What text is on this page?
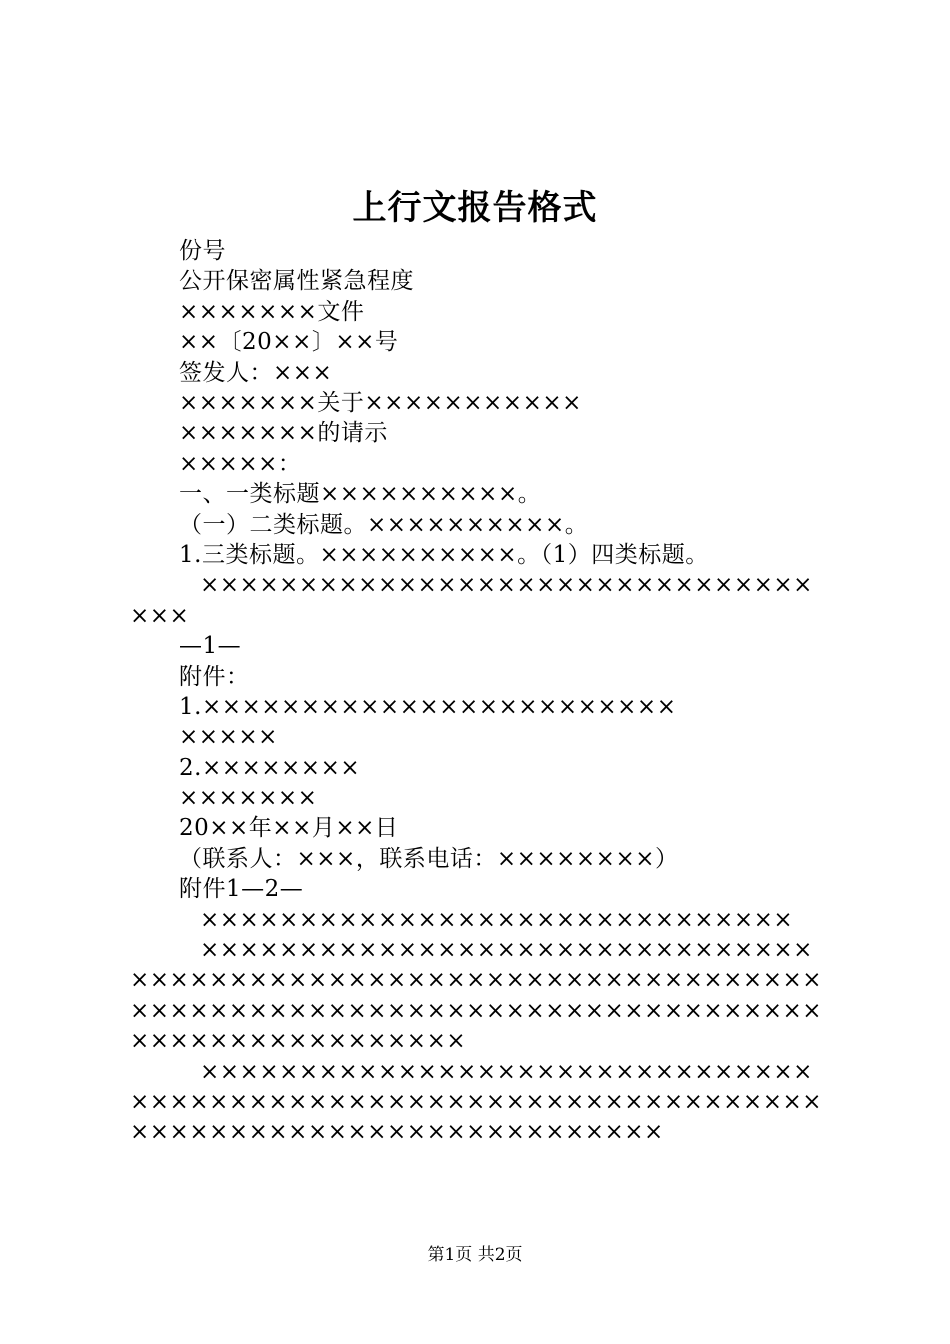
上行文报告格式
份号
公开保密属性紧急程度
×××××××文件
××〔20××〕××号
签发人：×××
×××××××关于×××××××××××
×××××××的请示
×××××：
一、一类标题××××××××××。
（一）二类标题。××××××××××。
1.三类标题。××××××××××。（1）四类标题。
××××××××××××××××××××××××××××××××××
—1—
附件：
1.××××××××××××××××××××××××
×××××
2.××××××××
×××××××
20××年××月××日
（联系人：×××，联系电话：××××××××）
附件1—2—
××××××××××××××××××××××××××××××
××××××××××××××××××××××××××××××××××××××××××××××××××××××××××××××××××××××××××××××××××××××××××××××××××××××××××××××××××××××
×××××××××××××××××××××××××××××××××××××××××××××××××××××××××××××××××××××××××××××××××××××××××××××
第1页 共2页
